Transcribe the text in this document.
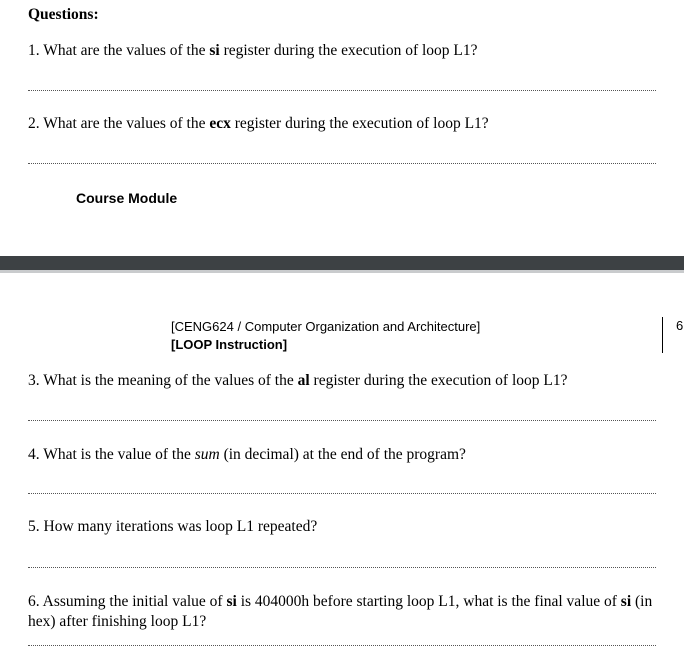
Questions:
1. What are the values of the si register during the execution of loop L1?
2. What are the values of the ecx register during the execution of loop L1?
Course Module
[CENG624 / Computer Organization and Architecture]
[LOOP Instruction]
6
3. What is the meaning of the values of the al register during the execution of loop L1?
4. What is the value of the sum (in decimal) at the end of the program?
5. How many iterations was loop L1 repeated?
6. Assuming the initial value of si is 404000h before starting loop L1, what is the final value of si (in
hex) after finishing loop L1?
